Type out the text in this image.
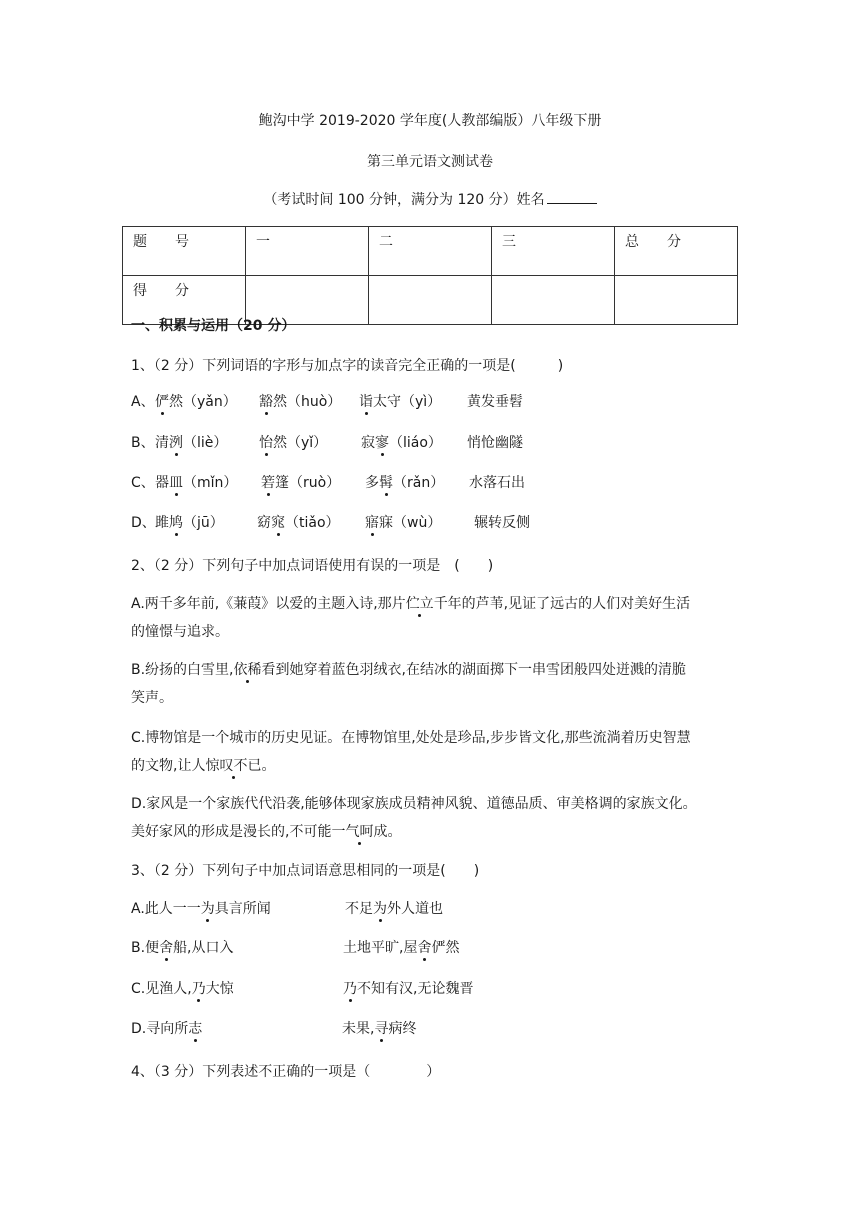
鲍沟中学 2019-2020 学年度(人教部编版）八年级下册
第三单元语文测试卷
（考试时间 100 分钟，满分为 120 分）姓名
题　　号	一	二	三	总　　分
得　　分				
一、积累与运用（20 分）
1、（2 分）下列词语的字形与加点字的读音完全正确的一项是(　　　)
A、 俨然（yǎn） 豁然（huò） 诣太守（yì） 黄发垂髫
B、 清洌（liè） 怡然（yǐ） 寂寥（liáo） 悄怆幽隧
C、 器皿（mǐn） 箬篷（ruò） 多髯（rǎn） 水落石出
D、 雎鸠（jū） 窈窕（tiǎo） 寤寐（wù） 辗转反侧
2、（2 分）下列句子中加点词语使用有误的一项是　(　　)
A.两千多年前,《蒹葭》以爱的主题入诗,那片伫立千年的芦苇,见证了远古的人们对美好生活
的憧憬与追求。
B.纷扬的白雪里,依稀看到她穿着蓝色羽绒衣,在结冰的湖面掷下一串雪团般四处迸溅的清脆
笑声。
C.博物馆是一个城市的历史见证。在博物馆里,处处是珍品,步步皆文化,那些流淌着历史智慧
的文物,让人惊叹不已。
D.家风是一个家族代代沿袭,能够体现家族成员精神风貌、道德品质、审美格调的家族文化。
美好家风的形成是漫长的,不可能一气呵成。
3、（2 分）下列句子中加点词语意思相同的一项是(　　)
A.此人一一为具言所闻	不足为外人道也
B.便舍船,从口入	土地平旷,屋舍俨然
C.见渔人,乃大惊	乃不知有汉,无论魏晋
D.寻向所志	未果,寻病终
4、（3 分）下列表述不正确的一项是（　　　　）
